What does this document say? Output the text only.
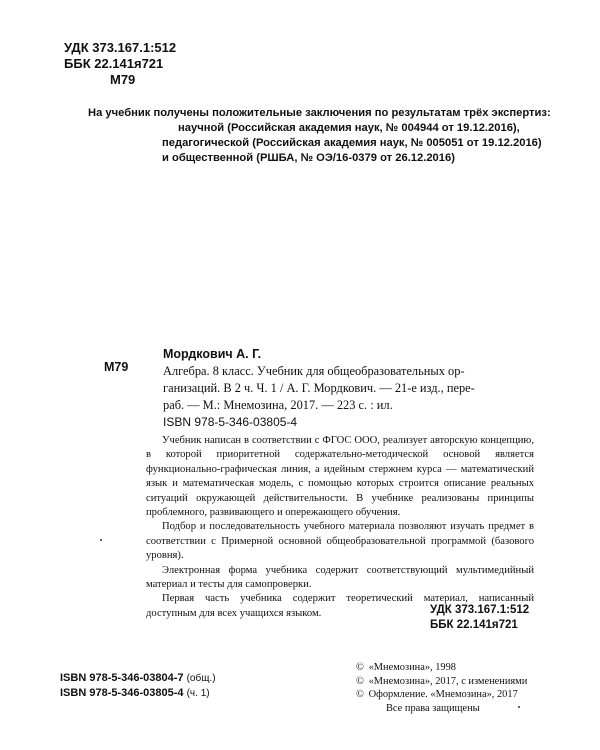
УДК 373.167.1:512
ББК 22.141я721
М79
На учебник получены положительные заключения по результатам трёх экспертиз:
научной (Российская академия наук, № 004944 от 19.12.2016),
педагогической (Российская академия наук, № 005051 от 19.12.2016)
и общественной (РШБА, № ОЭ/16-0379 от 26.12.2016)
М79
Мордкович А. Г.
Алгебра. 8 класс. Учебник для общеобразовательных ор-
ганизаций. В 2 ч. Ч. 1 / А. Г. Мордкович. — 21-е изд., пере-
раб. — М.: Мнемозина, 2017. — 223 с. : ил.
ISBN 978-5-346-03805-4

Учебник написан в соответствии с ФГОС ООО, реализует авторскую концепцию, в которой приоритетной содержательно-методической основой является функционально-графическая линия, а идейным стержнем курса — математический язык и математическая модель, с помощью которых строится описание реальных ситуаций окружающей действительности. В учебнике реализованы принципы проблемного, развивающего и опережающего обучения.

Подбор и последовательность учебного материала позволяют изучать предмет в соответствии с Примерной основной общеобразовательной программой (базового уровня).

Электронная форма учебника содержит соответствующий мультимедийный материал и тесты для самопроверки.

Первая часть учебника содержит теоретический материал, написанный доступным для всех учащихся языком.	УДК 373.167.1:512
ББК 22.141я721
ISBN 978-5-346-03804-7 (общ.)
ISBN 978-5-346-03805-4 (ч. 1)
© «Мнемозина», 1998
© «Мнемозина», 2017, с изменениями
© Оформление. «Мнемозина», 2017
Все права защищены
